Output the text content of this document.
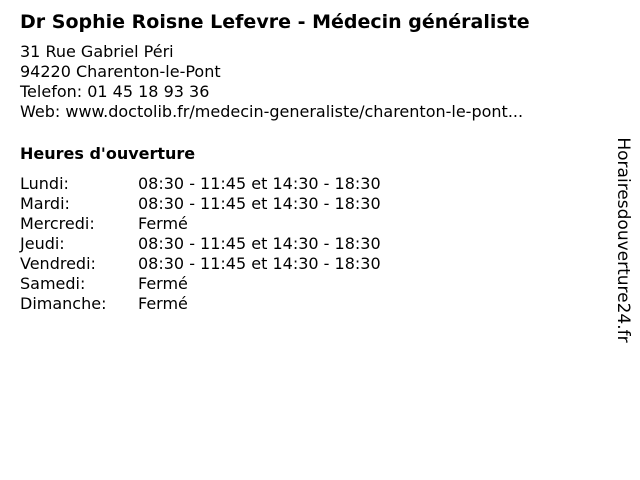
Dr Sophie Roisne Lefevre - Médecin généraliste
31 Rue Gabriel Péri
94220 Charenton-le-Pont
Telefon: 01 45 18 93 36
Web: www.doctolib.fr/medecin-generaliste/charenton-le-pont...
Heures d'ouverture
Lundi:	08:30 - 11:45 et 14:30 - 18:30
Mardi:	08:30 - 11:45 et 14:30 - 18:30
Mercredi:	Fermé
Jeudi:	08:30 - 11:45 et 14:30 - 18:30
Vendredi:	08:30 - 11:45 et 14:30 - 18:30
Samedi:	Fermé
Dimanche:	Fermé	Horairesdouverture24.fr
